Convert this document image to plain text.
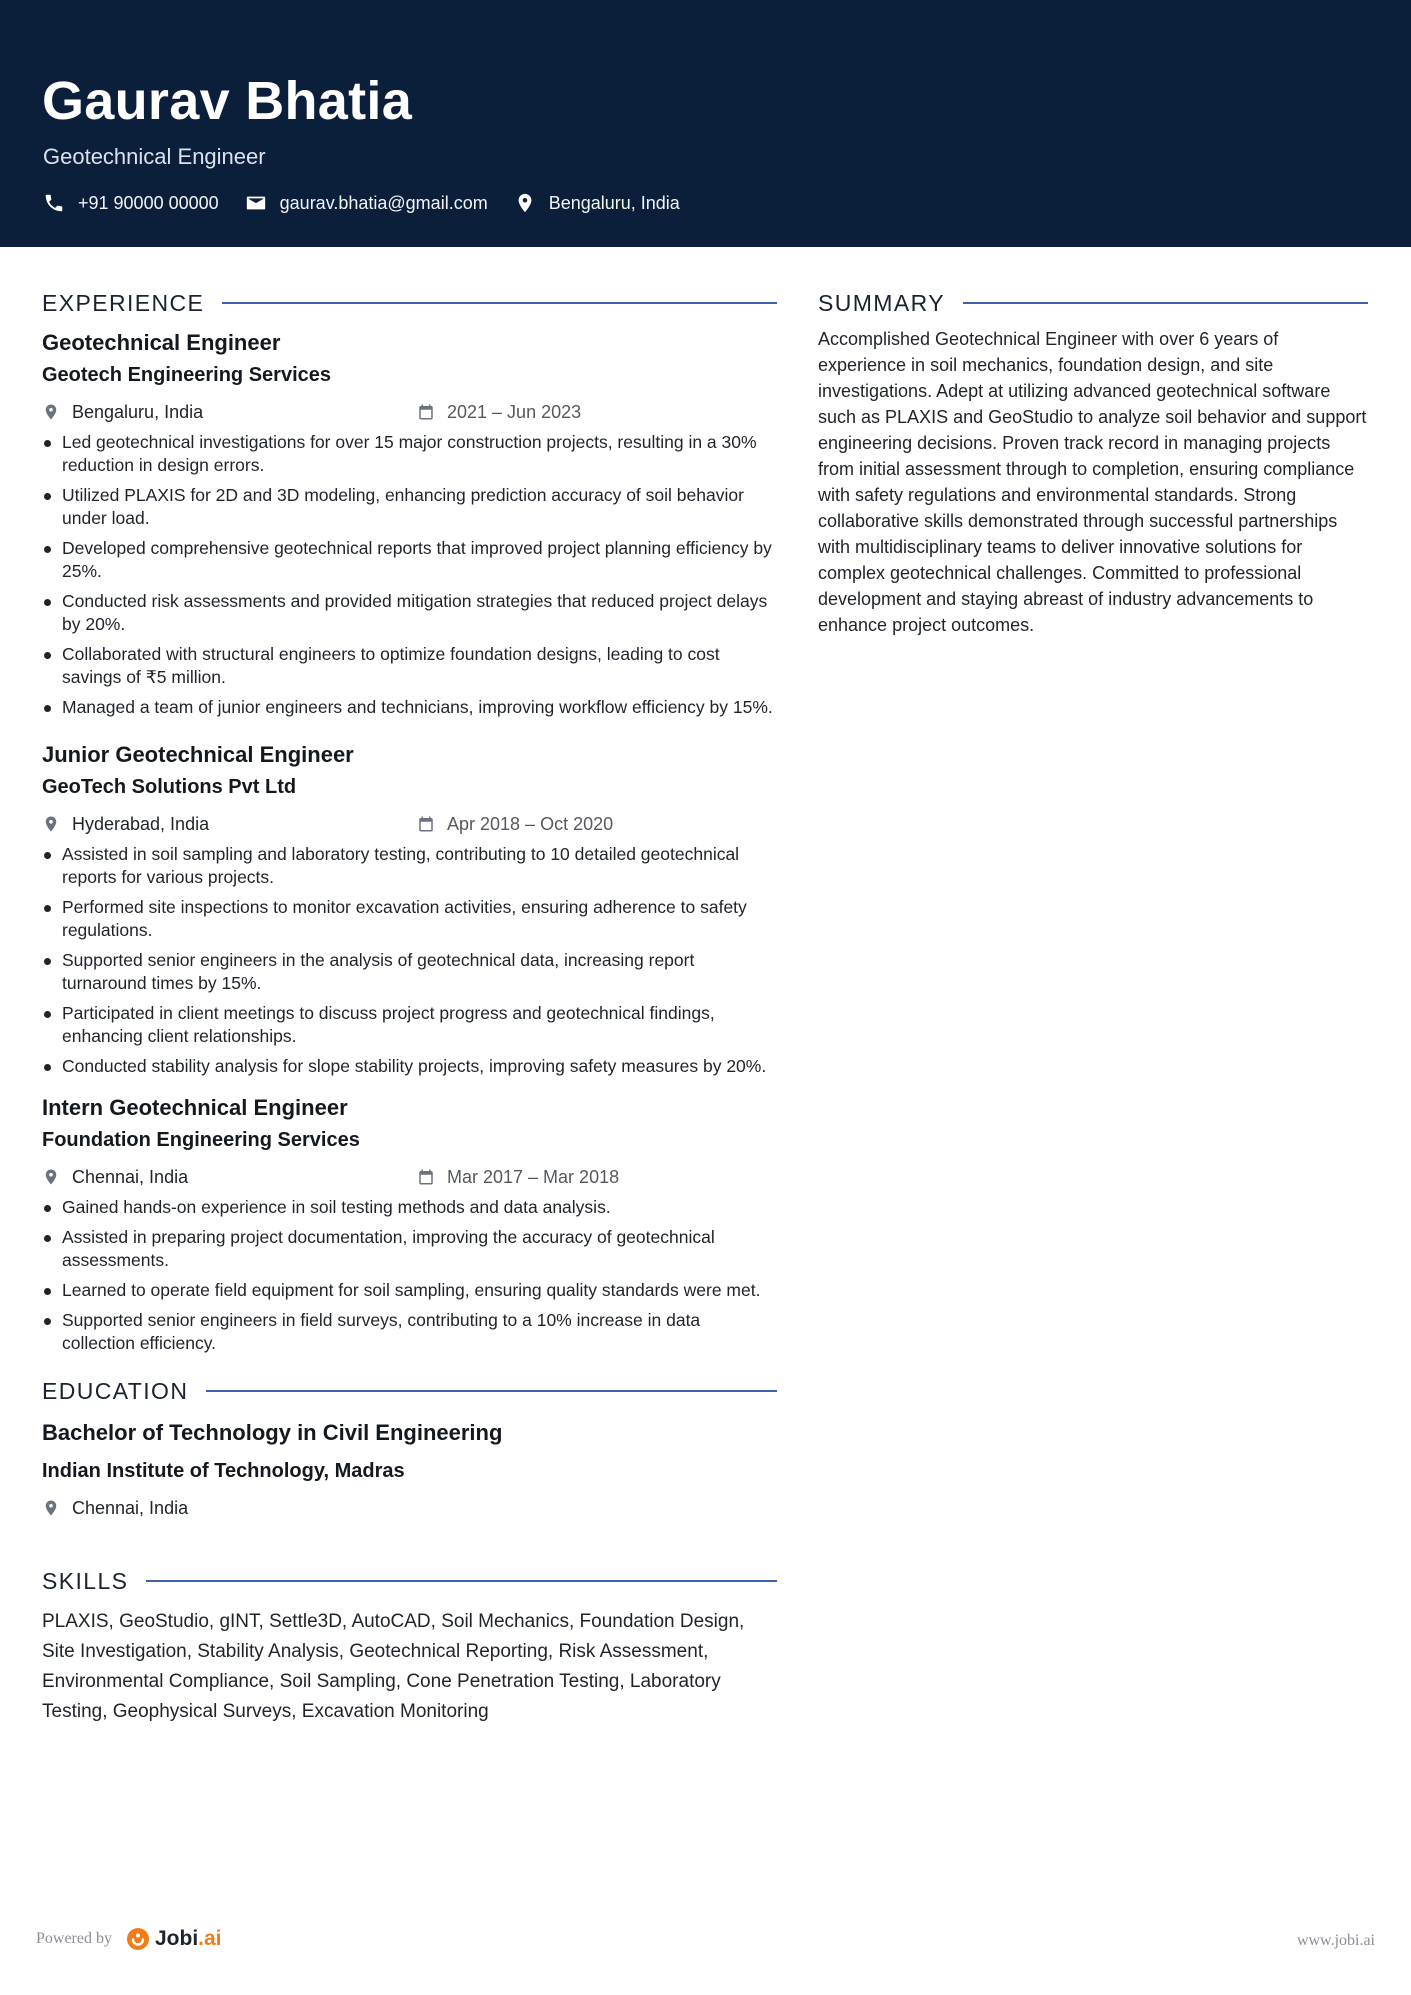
Gaurav Bhatia
Geotechnical Engineer
+91 90000 00000	gaurav.bhatia@gmail.com	Bengaluru, India
EXPERIENCE
Geotechnical Engineer
Geotech Engineering Services
Bengaluru, India	2021 – Jun 2023
Led geotechnical investigations for over 15 major construction projects, resulting in a 30% reduction in design errors.
Utilized PLAXIS for 2D and 3D modeling, enhancing prediction accuracy of soil behavior under load.
Developed comprehensive geotechnical reports that improved project planning efficiency by 25%.
Conducted risk assessments and provided mitigation strategies that reduced project delays by 20%.
Collaborated with structural engineers to optimize foundation designs, leading to cost savings of ₹5 million.
Managed a team of junior engineers and technicians, improving workflow efficiency by 15%.
Junior Geotechnical Engineer
GeoTech Solutions Pvt Ltd
Hyderabad, India	Apr 2018 – Oct 2020
Assisted in soil sampling and laboratory testing, contributing to 10 detailed geotechnical reports for various projects.
Performed site inspections to monitor excavation activities, ensuring adherence to safety regulations.
Supported senior engineers in the analysis of geotechnical data, increasing report turnaround times by 15%.
Participated in client meetings to discuss project progress and geotechnical findings, enhancing client relationships.
Conducted stability analysis for slope stability projects, improving safety measures by 20%.
Intern Geotechnical Engineer
Foundation Engineering Services
Chennai, India	Mar 2017 – Mar 2018
Gained hands-on experience in soil testing methods and data analysis.
Assisted in preparing project documentation, improving the accuracy of geotechnical assessments.
Learned to operate field equipment for soil sampling, ensuring quality standards were met.
Supported senior engineers in field surveys, contributing to a 10% increase in data collection efficiency.
EDUCATION
Bachelor of Technology in Civil Engineering
Indian Institute of Technology, Madras
Chennai, India
SKILLS
PLAXIS, GeoStudio, gINT, Settle3D, AutoCAD, Soil Mechanics, Foundation Design, Site Investigation, Stability Analysis, Geotechnical Reporting, Risk Assessment, Environmental Compliance, Soil Sampling, Cone Penetration Testing, Laboratory Testing, Geophysical Surveys, Excavation Monitoring
SUMMARY
Accomplished Geotechnical Engineer with over 6 years of experience in soil mechanics, foundation design, and site investigations. Adept at utilizing advanced geotechnical software such as PLAXIS and GeoStudio to analyze soil behavior and support engineering decisions. Proven track record in managing projects from initial assessment through to completion, ensuring compliance with safety regulations and environmental standards. Strong collaborative skills demonstrated through successful partnerships with multidisciplinary teams to deliver innovative solutions for complex geotechnical challenges. Committed to professional development and staying abreast of industry advancements to enhance project outcomes.
Powered by Jobi .ai	www.jobi.ai
